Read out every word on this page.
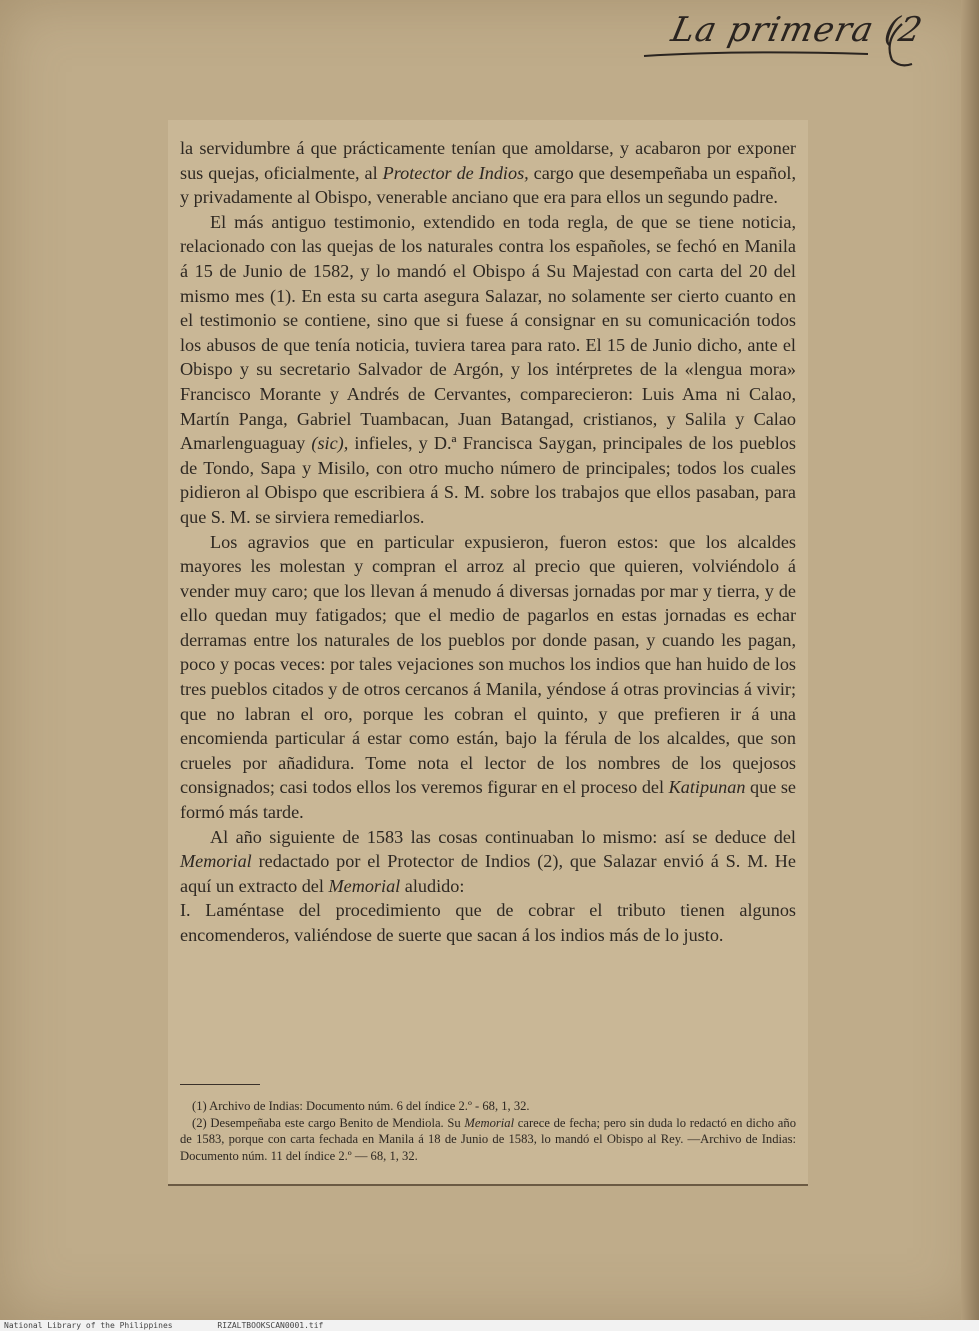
La primera (2

la servidumbre á que prácticamente tenían que amoldarse, y acabaron por exponer sus quejas, oficialmente, al Protector de Indios, cargo que desempeñaba un español, y privadamente al Obispo, venerable anciano que era para ellos un segundo padre.

El más antiguo testimonio, extendido en toda regla, de que se tiene noticia, relacionado con las quejas de los naturales contra los españoles, se fechó en Manila á 15 de Junio de 1582, y lo mandó el Obispo á Su Majestad con carta del 20 del mismo mes (1). En esta su carta asegura Salazar, no solamente ser cierto cuanto en el testimonio se contiene, sino que si fuese á consignar en su comunicación todos los abusos de que tenía noticia, tuviera tarea para rato. El 15 de Junio dicho, ante el Obispo y su secretario Salvador de Argón, y los intérpretes de la «lengua mora» Francisco Morante y Andrés de Cervantes, comparecieron: Luis Ama ni Calao, Martín Panga, Gabriel Tuambacan, Juan Batangad, cristianos, y Salila y Calao Amarlenguaguay (sic), infieles, y D.ª Francisca Saygan, principales de los pueblos de Tondo, Sapa y Misilo, con otro mucho número de principales; todos los cuales pidieron al Obispo que escribiera á S. M. sobre los trabajos que ellos pasaban, para que S. M. se sirviera remediarlos.

Los agravios que en particular expusieron, fueron estos: que los alcaldes mayores les molestan y compran el arroz al precio que quieren, volviéndolo á vender muy caro; que los llevan á menudo á diversas jornadas por mar y tierra, y de ello quedan muy fatigados; que el medio de pagarlos en estas jornadas es echar derramas entre los naturales de los pueblos por donde pasan, y cuando les pagan, poco y pocas veces: por tales vejaciones son muchos los indios que han huido de los tres pueblos citados y de otros cercanos á Manila, yéndose á otras provincias á vivir; que no labran el oro, porque les cobran el quinto, y que prefieren ir á una encomienda particular á estar como están, bajo la férula de los alcaldes, que son crueles por añadidura. Tome nota el lector de los nombres de los quejosos consignados; casi todos ellos los veremos figurar en el proceso del Katipunan que se formó más tarde.

Al año siguiente de 1583 las cosas continuaban lo mismo: así se deduce del Memorial redactado por el Protector de Indios (2), que Salazar envió á S. M. He aquí un extracto del Memorial aludido:

I. Laméntase del procedimiento que de cobrar el tributo tienen algunos encomenderos, valiéndose de suerte que sacan á los indios más de lo justo.

(1) Archivo de Indias: Documento núm. 6 del índice 2.º - 68, 1, 32.

(2) Desempeñaba este cargo Benito de Mendiola. Su Memorial carece de fecha; pero sin duda lo redactó en dicho año de 1583, porque con carta fechada en Manila á 18 de Junio de 1583, lo mandó el Obispo al Rey. —Archivo de Indias: Documento núm. 11 del índice 2.º — 68, 1, 32.

National Library of the Philippines	RIZALTBOOKSCAN0001.tif
